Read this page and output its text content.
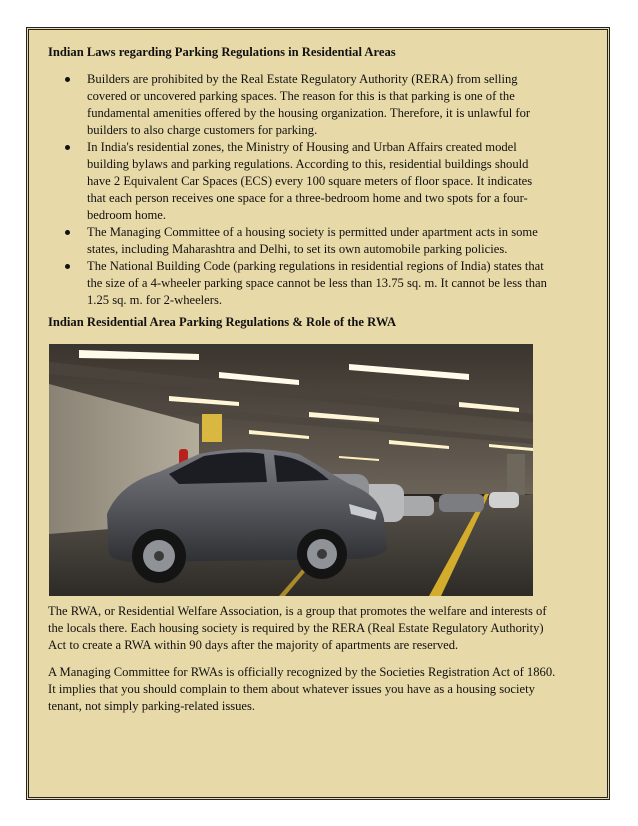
Indian Laws regarding Parking Regulations in Residential Areas
Builders are prohibited by the Real Estate Regulatory Authority (RERA) from selling covered or uncovered parking spaces. The reason for this is that parking is one of the fundamental amenities offered by the housing organization. Therefore, it is unlawful for builders to also charge customers for parking.
In India's residential zones, the Ministry of Housing and Urban Affairs created model building bylaws and parking regulations. According to this, residential buildings should have 2 Equivalent Car Spaces (ECS) every 100 square meters of floor space. It indicates that each person receives one space for a three-bedroom home and two spots for a four-bedroom home.
The Managing Committee of a housing society is permitted under apartment acts in some states, including Maharashtra and Delhi, to set its own automobile parking policies.
The National Building Code (parking regulations in residential regions of India) states that the size of a 4-wheeler parking space cannot be less than 13.75 sq. m. It cannot be less than 1.25 sq. m. for 2-wheelers.
Indian Residential Area Parking Regulations & Role of the RWA

The RWA, or Residential Welfare Association, is a group that promotes the welfare and interests of the locals there. Each housing society is required by the RERA (Real Estate Regulatory Authority) Act to create a RWA within 90 days after the majority of apartments are reserved.

A Managing Committee for RWAs is officially recognized by the Societies Registration Act of 1860. It implies that you should complain to them about whatever issues you have as a housing society tenant, not simply parking-related issues.
